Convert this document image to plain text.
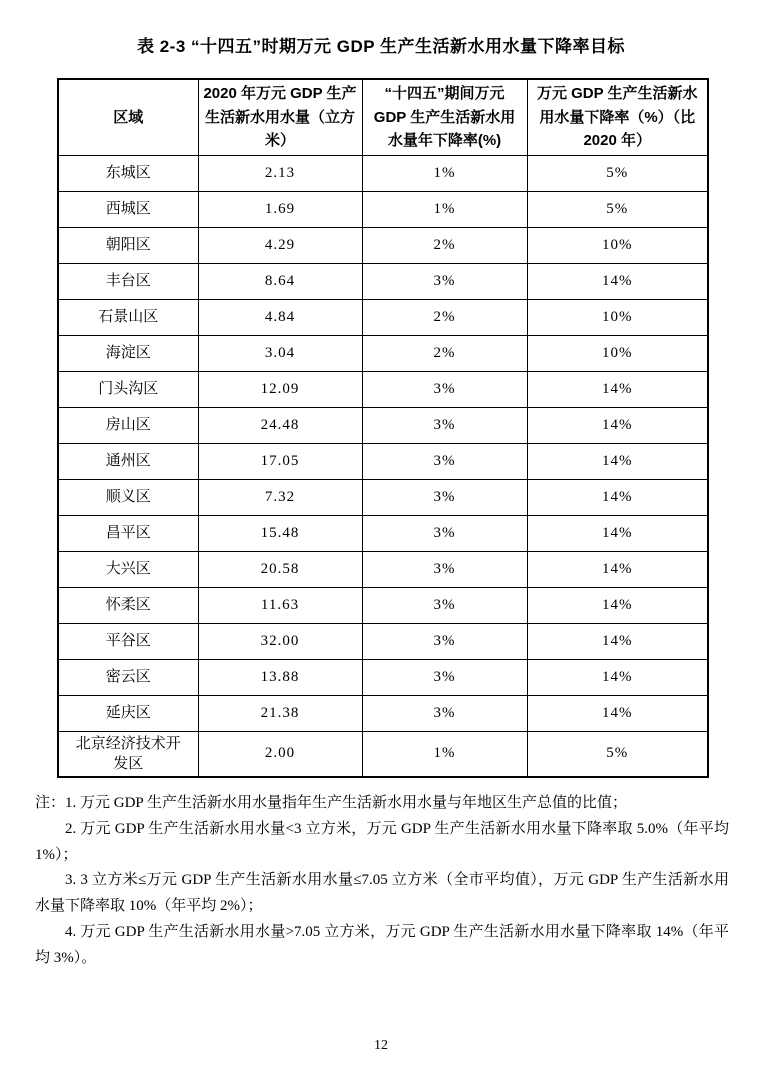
表 2-3 “十四五”时期万元 GDP 生产生活新水用水量下降率目标
区域	2020 年万元 GDP 生产生活新水用水量（立方米）	“十四五”期间万元 GDP 生产生活新水用水量年下降率(%)	万元 GDP 生产生活新水用水量下降率（%）（比 2020 年）
东城区	2.13	1%	5%
西城区	1.69	1%	5%
朝阳区	4.29	2%	10%
丰台区	8.64	3%	14%
石景山区	4.84	2%	10%
海淀区	3.04	2%	10%
门头沟区	12.09	3%	14%
房山区	24.48	3%	14%
通州区	17.05	3%	14%
顺义区	7.32	3%	14%
昌平区	15.48	3%	14%
大兴区	20.58	3%	14%
怀柔区	11.63	3%	14%
平谷区	32.00	3%	14%
密云区	13.88	3%	14%
延庆区	21.38	3%	14%
北京经济技术开发区	2.00	1%	5%

注：1. 万元 GDP 生产生活新水用水量指年生产生活新水用水量与年地区生产总值的比值；

2. 万元 GDP 生产生活新水用水量<3 立方米，万元 GDP 生产生活新水用水量下降率取 5.0%（年平均 1%）；

3. 3 立方米≤万元 GDP 生产生活新水用水量≤7.05 立方米（全市平均值），万元 GDP 生产生活新水用水量下降率取 10%（年平均 2%）；

4. 万元 GDP 生产生活新水用水量>7.05 立方米，万元 GDP 生产生活新水用水量下降率取 14%（年平均 3%）。

12
